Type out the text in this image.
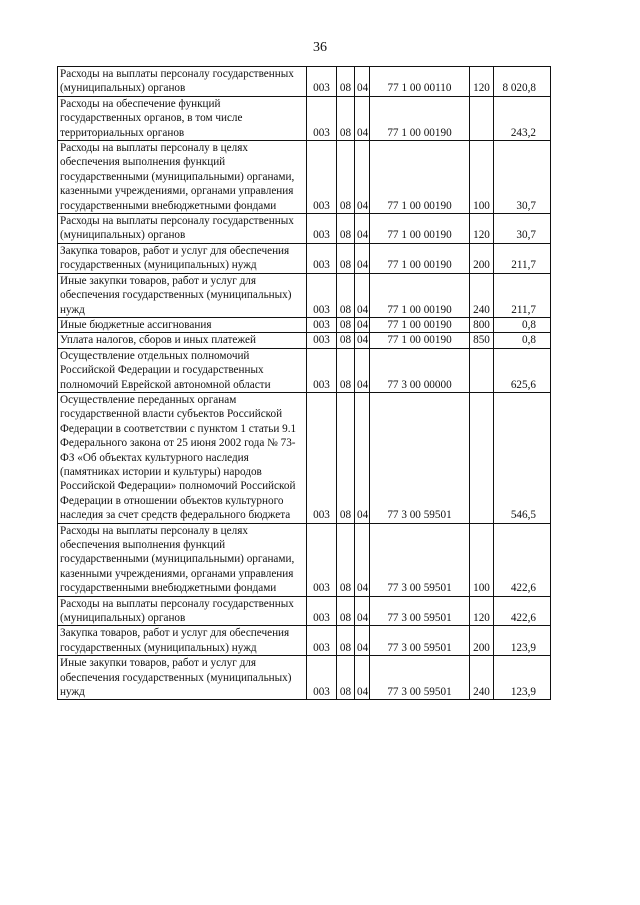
36
Расходы на выплаты персоналу государственных (муниципальных) органов	003	08	04	77 1 00 00110	120	8 020,8
Расходы на обеспечение функций государственных органов, в том числе территориальных органов	003	08	04	77 1 00 00190		243,2
Расходы на выплаты персоналу в целях обеспечения выполнения функций государственными (муниципальными) органами, казенными учреждениями, органами управления государственными внебюджетными фондами	003	08	04	77 1 00 00190	100	30,7
Расходы на выплаты персоналу государственных (муниципальных) органов	003	08	04	77 1 00 00190	120	30,7
Закупка товаров, работ и услуг для обеспечения государственных (муниципальных) нужд	003	08	04	77 1 00 00190	200	211,7
Иные закупки товаров, работ и услуг для обеспечения государственных (муниципальных) нужд	003	08	04	77 1 00 00190	240	211,7
Иные бюджетные ассигнования	003	08	04	77 1 00 00190	800	0,8
Уплата налогов, сборов и иных платежей	003	08	04	77 1 00 00190	850	0,8
Осуществление отдельных полномочий Российской Федерации и государственных полномочий Еврейской автономной области	003	08	04	77 3 00 00000		625,6
Осуществление переданных органам государственной власти субъектов Российской Федерации в соответствии с пунктом 1 статьи 9.1 Федерального закона от 25 июня 2002 года № 73-ФЗ «Об объектах культурного наследия (памятниках истории и культуры) народов Российской Федерации» полномочий Российской Федерации в отношении объектов культурного наследия за счет средств федерального бюджета	003	08	04	77 3 00 59501		546,5
Расходы на выплаты персоналу в целях обеспечения выполнения функций государственными (муниципальными) органами, казенными учреждениями, органами управления государственными внебюджетными фондами	003	08	04	77 3 00 59501	100	422,6
Расходы на выплаты персоналу государственных (муниципальных) органов	003	08	04	77 3 00 59501	120	422,6
Закупка товаров, работ и услуг для обеспечения государственных (муниципальных) нужд	003	08	04	77 3 00 59501	200	123,9
Иные закупки товаров, работ и услуг для обеспечения государственных (муниципальных) нужд	003	08	04	77 3 00 59501	240	123,9
